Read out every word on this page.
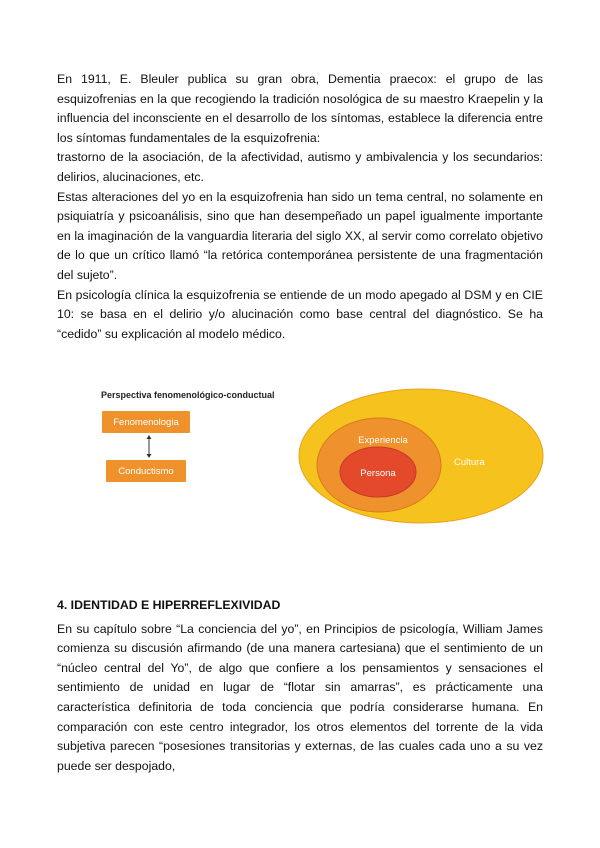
En 1911, E. Bleuler publica su gran obra, Dementia praecox: el grupo de las esquizofrenias en la que recogiendo la tradición nosológica de su maestro Kraepelin y la influencia del inconsciente en el desarrollo de los síntomas, establece la diferencia entre los síntomas fundamentales de la esquizofrenia:

trastorno de la asociación, de la afectividad, autismo y ambivalencia y los secundarios: delirios, alucinaciones, etc.

Estas alteraciones del yo en la esquizofrenia han sido un tema central, no solamente en psiquiatría y psicoanálisis, sino que han desempeñado un papel igualmente importante en la imaginación de la vanguardia literaria del siglo XX, al servir como correlato objetivo de lo que un crítico llamó “la retórica contemporánea persistente de una fragmentación del sujeto”.

En psicología clínica la esquizofrenia se entiende de un modo apegado al DSM y en CIE 10: se basa en el delirio y/o alucinación como base central del diagnóstico. Se ha “cedido” su explicación al modelo médico.

Perspectiva fenomenológico-conductual
Fenomenologia
Conductismo
Cultura
Experiencia
Persona
4. IDENTIDAD E HIPERREFLEXIVIDAD

En su capítulo sobre “La conciencia del yo”, en Principios de psicología, William James comienza su discusión afirmando (de una manera cartesiana) que el sentimiento de un “núcleo central del Yo”, de algo que confiere a los pensamientos y sensaciones el sentimiento de unidad en lugar de “flotar sin amarras”, es prácticamente una característica definitoria de toda conciencia que podría considerarse humana. En comparación con este centro integrador, los otros elementos del torrente de la vida subjetiva parecen “posesiones transitorias y externas, de las cuales cada uno a su vez puede ser despojado,
